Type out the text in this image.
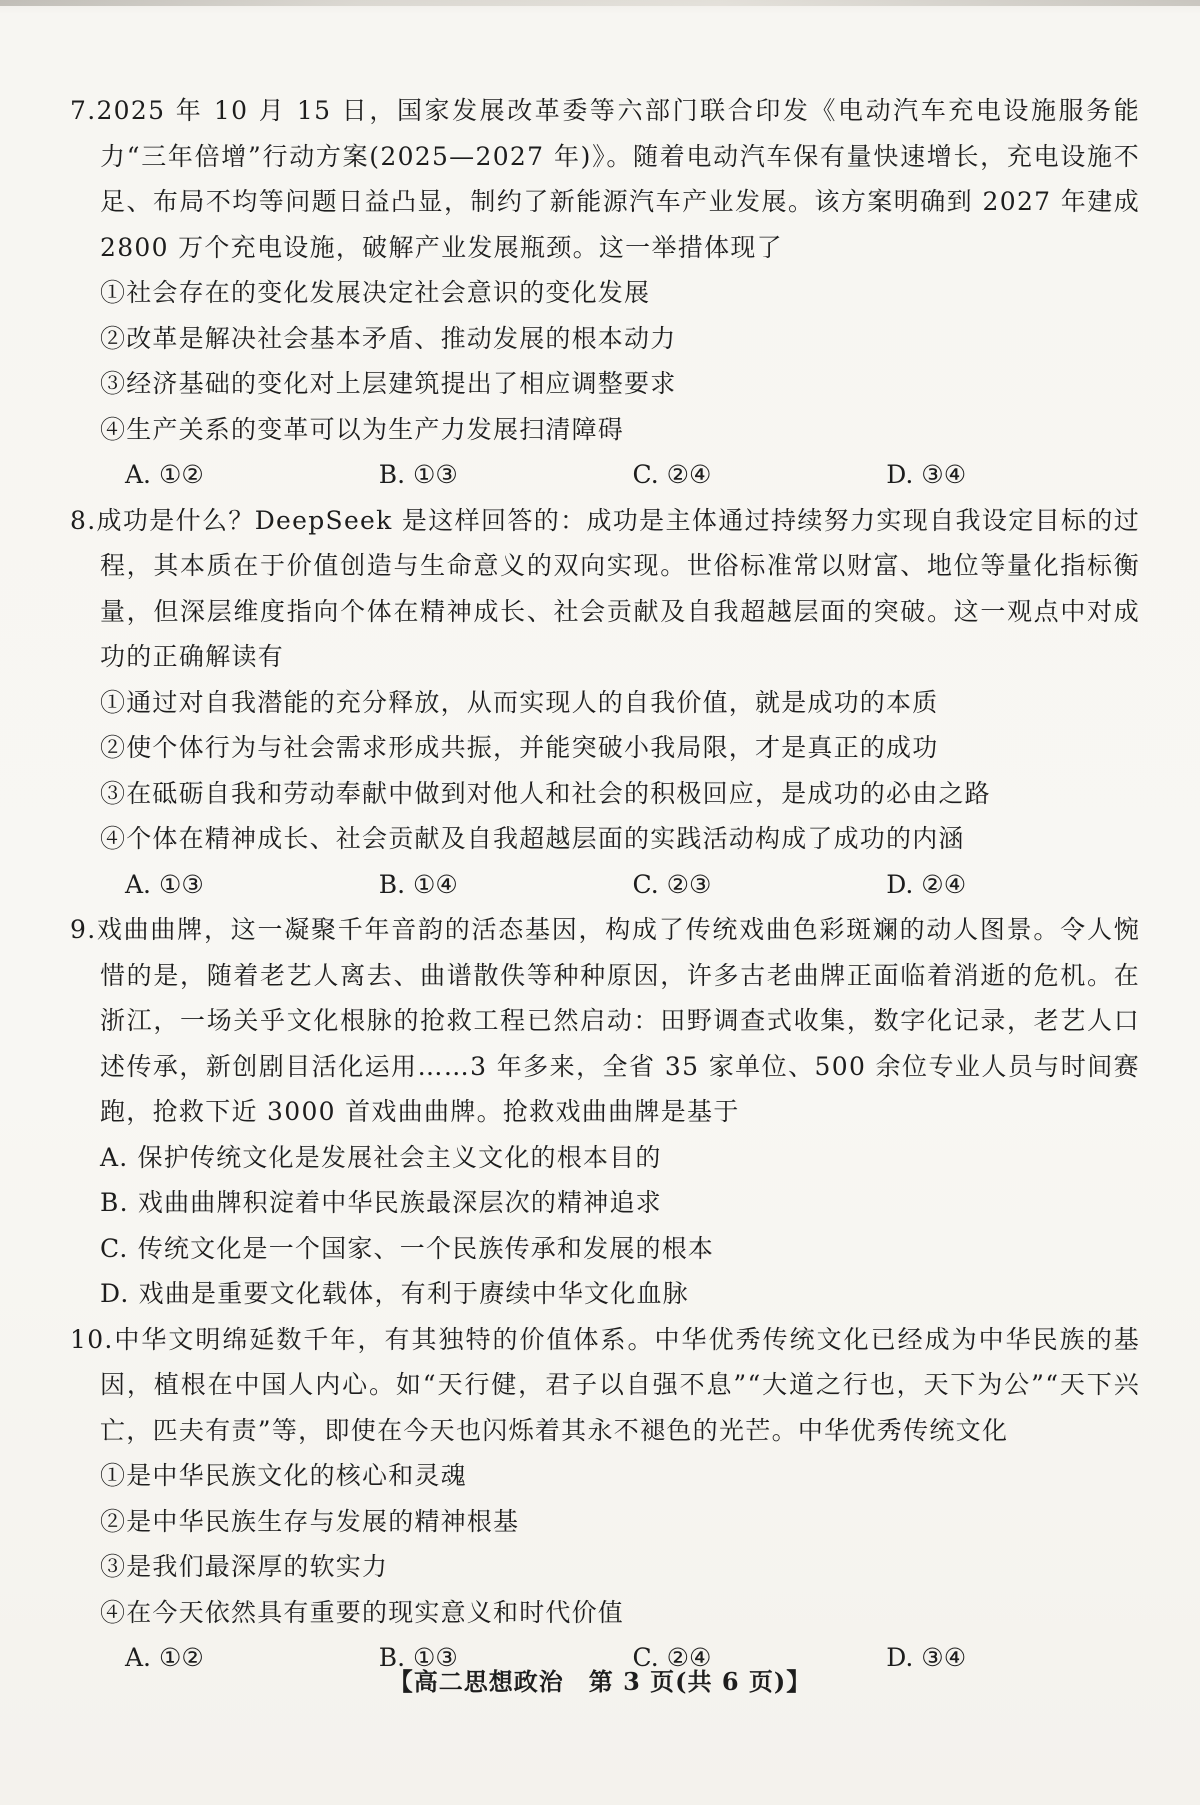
7.2025 年 10 月 15 日，国家发展改革委等六部门联合印发《电动汽车充电设施服务能力“三年倍增”行动方案(2025—2027 年)》。随着电动汽车保有量快速增长，充电设施不足、布局不均等问题日益凸显，制约了新能源汽车产业发展。该方案明确到 2027 年建成 2800 万个充电设施，破解产业发展瓶颈。这一举措体现了

①社会存在的变化发展决定社会意识的变化发展

②改革是解决社会基本矛盾、推动发展的根本动力

③经济基础的变化对上层建筑提出了相应调整要求

④生产关系的变革可以为生产力发展扫清障碍

A. ①②	B. ①③	C. ②④	D. ③④

8.成功是什么？DeepSeek 是这样回答的：成功是主体通过持续努力实现自我设定目标的过程，其本质在于价值创造与生命意义的双向实现。世俗标准常以财富、地位等量化指标衡量，但深层维度指向个体在精神成长、社会贡献及自我超越层面的突破。这一观点中对成功的正确解读有

①通过对自我潜能的充分释放，从而实现人的自我价值，就是成功的本质

②使个体行为与社会需求形成共振，并能突破小我局限，才是真正的成功

③在砥砺自我和劳动奉献中做到对他人和社会的积极回应，是成功的必由之路

④个体在精神成长、社会贡献及自我超越层面的实践活动构成了成功的内涵

A. ①③	B. ①④	C. ②③	D. ②④

9.戏曲曲牌，这一凝聚千年音韵的活态基因，构成了传统戏曲色彩斑斓的动人图景。令人惋惜的是，随着老艺人离去、曲谱散佚等种种原因，许多古老曲牌正面临着消逝的危机。在浙江，一场关乎文化根脉的抢救工程已然启动：田野调查式收集，数字化记录，老艺人口述传承，新创剧目活化运用……3 年多来，全省 35 家单位、500 余位专业人员与时间赛跑，抢救下近 3000 首戏曲曲牌。抢救戏曲曲牌是基于

A. 保护传统文化是发展社会主义文化的根本目的

B. 戏曲曲牌积淀着中华民族最深层次的精神追求

C. 传统文化是一个国家、一个民族传承和发展的根本

D. 戏曲是重要文化载体，有利于赓续中华文化血脉

10.中华文明绵延数千年，有其独特的价值体系。中华优秀传统文化已经成为中华民族的基因，植根在中国人内心。如“天行健，君子以自强不息”“大道之行也，天下为公”“天下兴亡，匹夫有责”等，即使在今天也闪烁着其永不褪色的光芒。中华优秀传统文化

①是中华民族文化的核心和灵魂

②是中华民族生存与发展的精神根基

③是我们最深厚的软实力

④在今天依然具有重要的现实意义和时代价值

A. ①②	B. ①③	C. ②④	D. ③④
【高二思想政治　第 3 页(共 6 页)】
